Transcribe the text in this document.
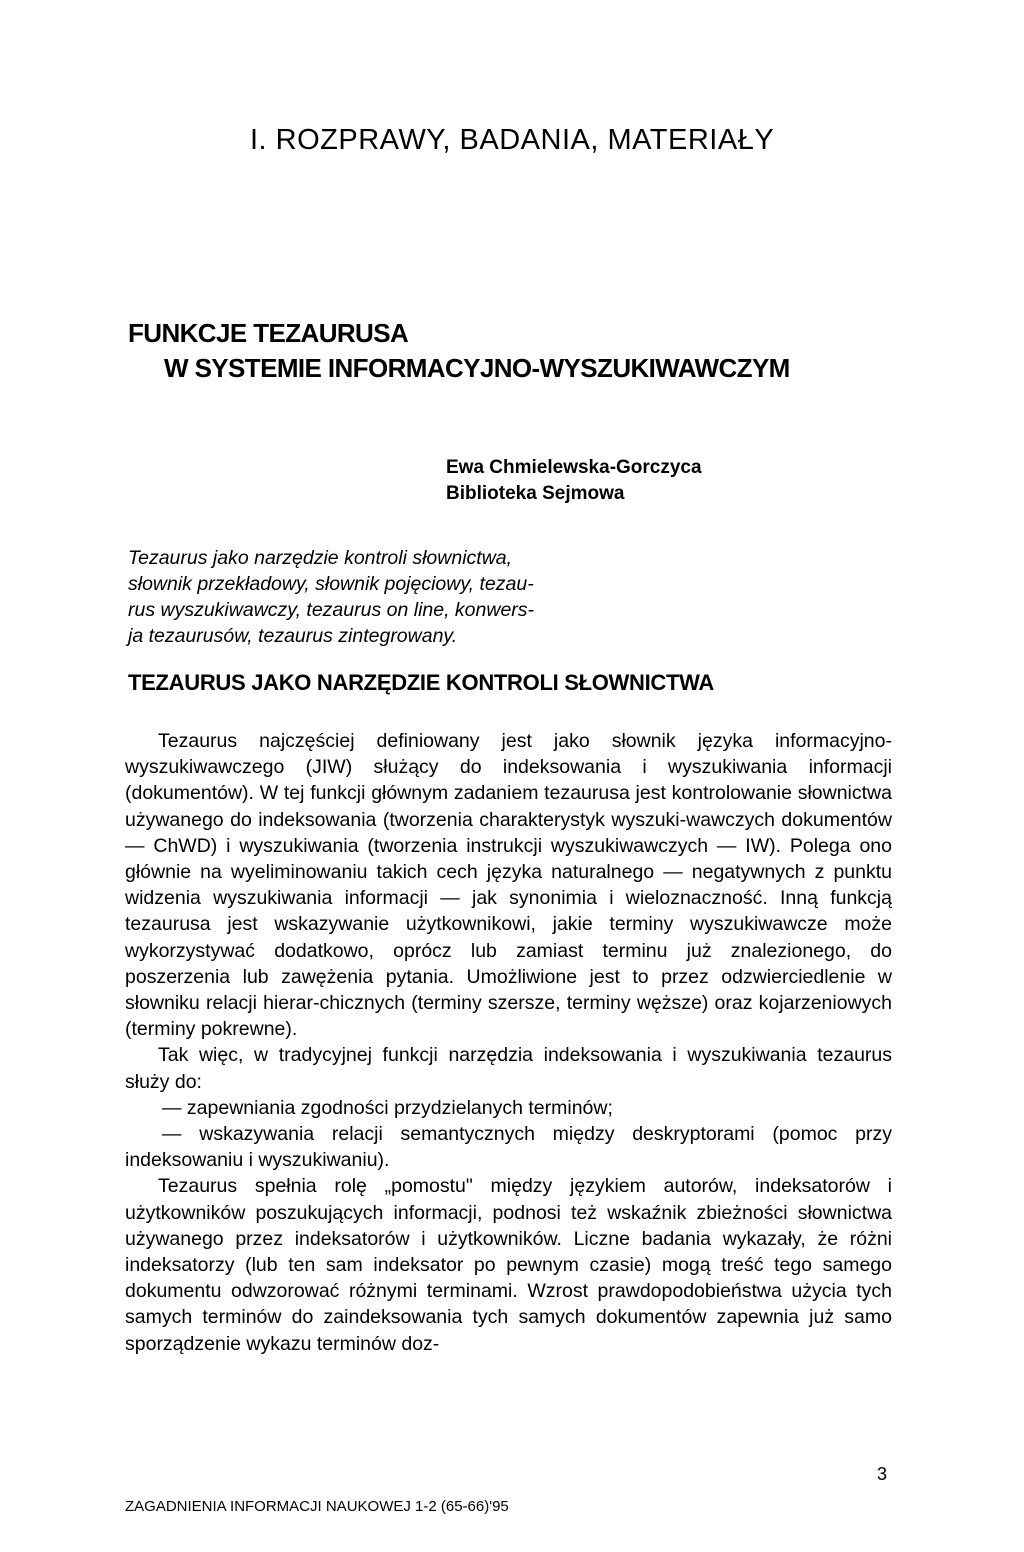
I. ROZPRAWY, BADANIA, MATERIAŁY
FUNKCJE TEZAURUSA
W SYSTEMIE INFORMACYJNO-WYSZUKIWAWCZYM
Ewa Chmielewska-Gorczyca
Biblioteka Sejmowa
Tezaurus jako narzędzie kontroli słownictwa,
słownik przekładowy, słownik pojęciowy, tezau-
rus wyszukiwawczy, tezaurus on line, konwers-
ja tezaurusów, tezaurus zintegrowany.
TEZAURUS JAKO NARZĘDZIE KONTROLI SŁOWNICTWA

Tezaurus najczęściej definiowany jest jako słownik języka informacyjno-wyszukiwawczego (JIW) służący do indeksowania i wyszukiwania informacji (dokumentów). W tej funkcji głównym zadaniem tezaurusa jest kontrolowanie słownictwa używanego do indeksowania (tworzenia charakterystyk wyszuki-wawczych dokumentów — ChWD) i wyszukiwania (tworzenia instrukcji wyszukiwawczych — IW). Polega ono głównie na wyeliminowaniu takich cech języka naturalnego — negatywnych z punktu widzenia wyszukiwania informacji — jak synonimia i wieloznaczność. Inną funkcją tezaurusa jest wskazywanie użytkownikowi, jakie terminy wyszukiwawcze może wykorzystywać dodatkowo, oprócz lub zamiast terminu już znalezionego, do poszerzenia lub zawężenia pytania. Umożliwione jest to przez odzwierciedlenie w słowniku relacji hierar-chicznych (terminy szersze, terminy węższe) oraz kojarzeniowych (terminy pokrewne).

Tak więc, w tradycyjnej funkcji narzędzia indeksowania i wyszukiwania tezaurus służy do:

— zapewniania zgodności przydzielanych terminów;

— wskazywania relacji semantycznych między deskryptorami (pomoc przy indeksowaniu i wyszukiwaniu).

Tezaurus spełnia rolę „pomostu" między językiem autorów, indeksatorów i użytkowników poszukujących informacji, podnosi też wskaźnik zbieżności słownictwa używanego przez indeksatorów i użytkowników. Liczne badania wykazały, że różni indeksatorzy (lub ten sam indeksator po pewnym czasie) mogą treść tego samego dokumentu odwzorować różnymi terminami. Wzrost prawdopodobieństwa użycia tych samych terminów do zaindeksowania tych samych dokumentów zapewnia już samo sporządzenie wykazu terminów doz-

3
ZAGADNIENIA INFORMACJI NAUKOWEJ 1-2 (65-66)'95
